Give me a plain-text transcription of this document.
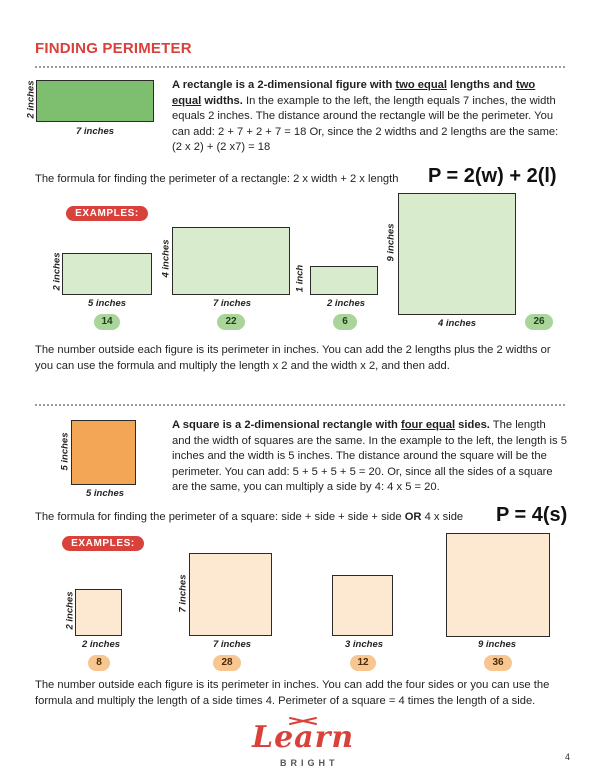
FINDING PERIMETER
2 inches
7 inches
A rectangle is a 2-dimensional figure with two equal lengths and two equal widths. In the example to the left, the length equals 7 inches, the width equals 2 inches. The distance around the rectangle will be the perimeter. You can add: 2 + 7 + 2 + 7 = 18 Or, since the 2 widths and 2 lengths are the same: (2 x 2) + (2 x7) = 18
The formula for finding the perimeter of a rectangle: 2 x width + 2 x length P = 2(w) + 2(l)
EXAMPLES:
2 inches
5 inches
14
4 inches
7 inches
22
1 inch
2 inches
6
9 inches
4 inches	26
The number outside each figure is its perimeter in inches. You can add the 2 lengths plus the 2 widths or you can use the formula and multiply the length x 2 and the width x 2, and then add.
5 inches
5 inches
A square is a 2-dimensional rectangle with four equal sides. The length and the width of squares are the same. In the example to the left, the length is 5 inches and the width is 5 inches. The distance around the square will be the perimeter. You can add: 5 + 5 + 5 + 5 = 20. Or, since all the sides of a square are the same, you can multiply a side by 4: 4 x 5 = 20.
The formula for finding the perimeter of a square: side + side + side + side OR 4 x side P = 4(s)
EXAMPLES:
2 inches
2 inches
8
7 inches
7 inches
28
3 inches
12
9 inches
36
The number outside each figure is its perimeter in inches. You can add the four sides or you can use the formula and multiply the length of a side times 4. Perimeter of a square = 4 times the length of a side.
Learn
BRIGHT
4
